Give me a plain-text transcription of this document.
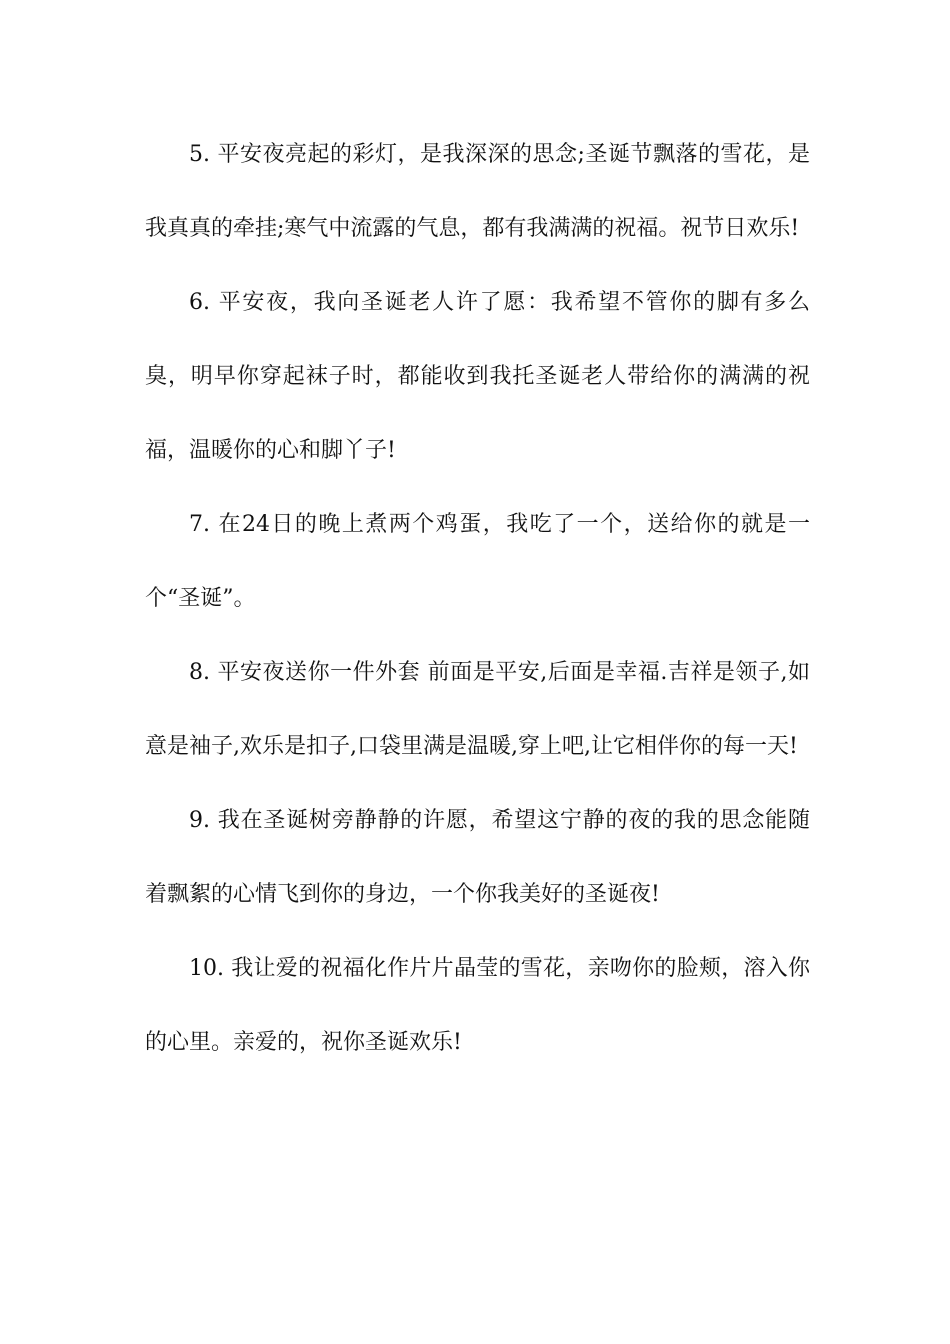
5. 平安夜亮起的彩灯，是我深深的思念;圣诞节飘落的雪花，是我真真的牵挂;寒气中流露的气息，都有我满满的祝福。祝节日欢乐!

6. 平安夜，我向圣诞老人许了愿：我希望不管你的脚有多么臭，明早你穿起袜子时，都能收到我托圣诞老人带给你的满满的祝福，温暖你的心和脚丫子!

7. 在24日的晚上煮两个鸡蛋，我吃了一个，送给你的就是一个“圣诞”。

8. 平安夜送你一件外套 前面是平安,后面是幸福.吉祥是领子,如意是袖子,欢乐是扣子,口袋里满是温暖,穿上吧,让它相伴你的每一天!

9. 我在圣诞树旁静静的许愿，希望这宁静的夜的我的思念能随着飘絮的心情飞到你的身边，一个你我美好的圣诞夜!

10. 我让爱的祝福化作片片晶莹的雪花，亲吻你的脸颊，溶入你的心里。亲爱的，祝你圣诞欢乐!
